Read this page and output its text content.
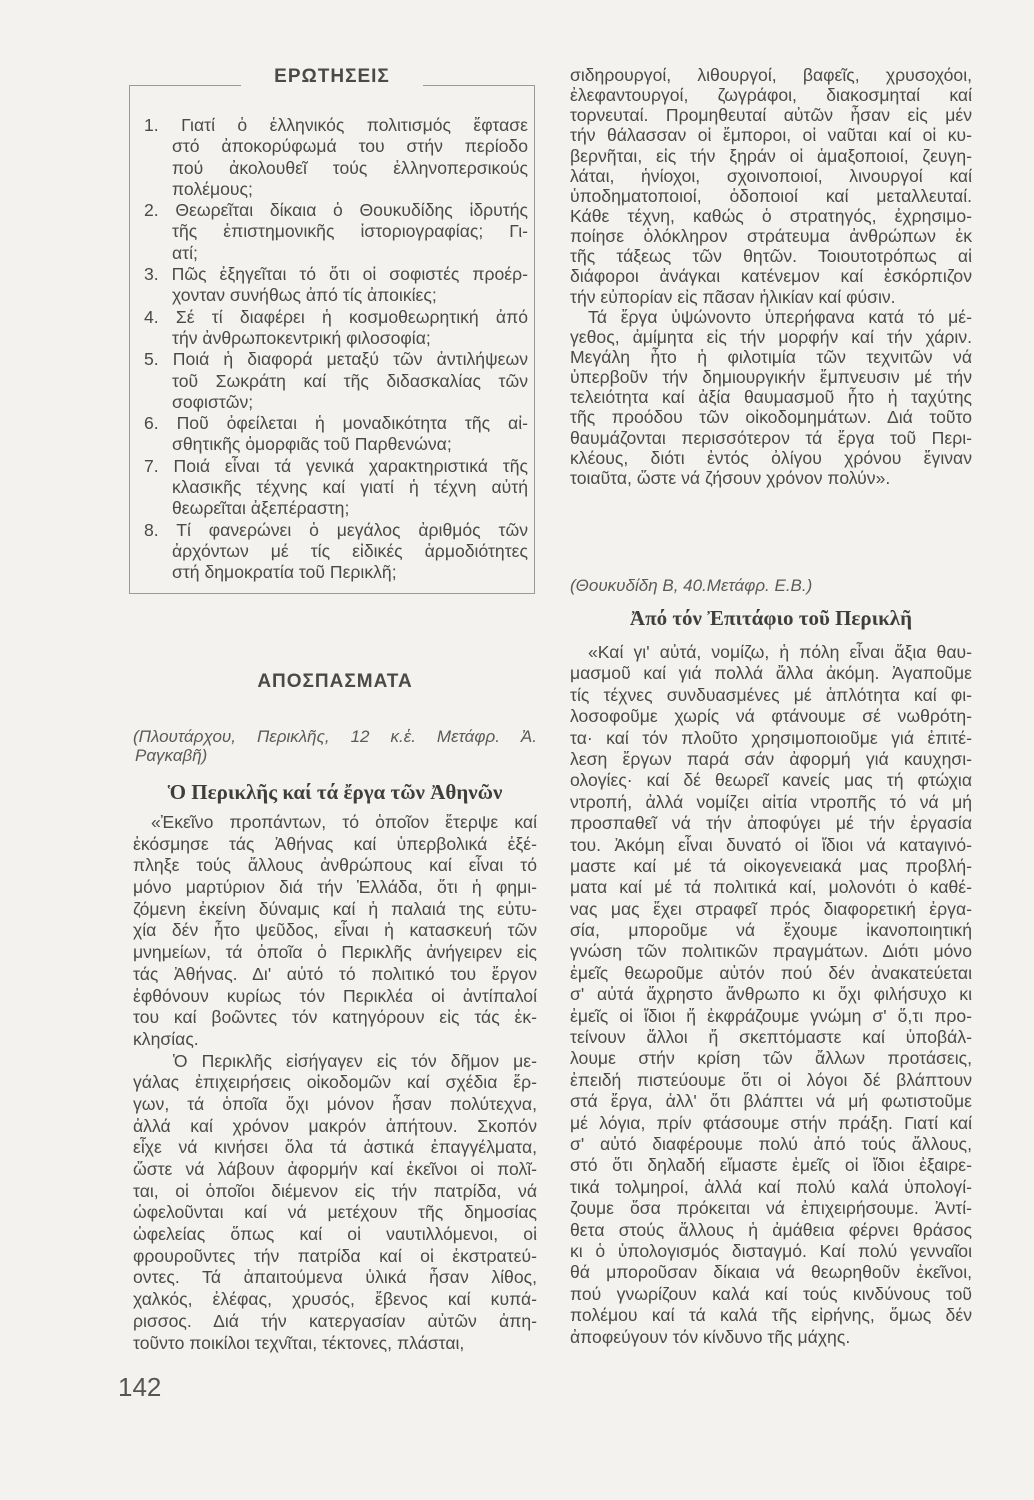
ΕΡΩΤΗΣΕΙΣ
1. Γιατί ὁ ἑλληνικός πολιτισμός ἔφτασε
στό ἀποκορύφωμά του στήν περίοδο
πού ἀκολουθεῖ τούς ἑλληνοπερσικούς
πολέμους;
2. Θεωρεῖται δίκαια ὁ Θουκυδίδης ἱδρυτής
τῆς ἐπιστημονικῆς ἱστοριογραφίας; Γι-
ατί;
3. Πῶς ἐξηγεῖται τό ὅτι οἱ σοφιστές προέρ-
χονταν συνήθως ἀπό τίς ἀποικίες;
4. Σέ τί διαφέρει ἡ κοσμοθεωρητική ἀπό
τήν ἀνθρωποκεντρική φιλοσοφία;
5. Ποιά ἡ διαφορά μεταξύ τῶν ἀντιλήψεων
τοῦ Σωκράτη καί τῆς διδασκαλίας τῶν
σοφιστῶν;
6. Ποῦ ὀφείλεται ἡ μοναδικότητα τῆς αἰ-
σθητικῆς ὀμορφιᾶς τοῦ Παρθενώνα;
7. Ποιά εἶναι τά γενικά χαρακτηριστικά τῆς
κλασικῆς τέχνης καί γιατί ἡ τέχνη αὐτή
θεωρεῖται ἀξεπέραστη;
8. Τί φανερώνει ὁ μεγάλος ἀριθμός τῶν
ἀρχόντων μέ τίς εἰδικές ἁρμοδιότητες
στή δημοκρατία τοῦ Περικλῆ;
ΑΠΟΣΠΑΣΜΑΤΑ
(Πλουτάρχου, Περικλῆς, 12 κ.ἑ. Μετάφρ. Ἀ.
Ραγκαβῆ)
Ὁ Περικλῆς καί τά ἔργα τῶν Ἀθηνῶν
«Ἐκεῖνο προπάντων, τό ὁποῖον ἔτερψε καί
ἐκόσμησε τάς Ἀθήνας καί ὑπερβολικά ἐξέ-
πληξε τούς ἄλλους ἀνθρώπους καί εἶναι τό
μόνο μαρτύριον διά τήν Ἑλλάδα, ὅτι ἡ φημι-
ζόμενη ἐκείνη δύναμις καί ἡ παλαιά της εὐτυ-
χία δέν ἦτο ψεῦδος, εἶναι ἡ κατασκευή τῶν
μνημείων, τά ὁποῖα ὁ Περικλῆς ἀνήγειρεν εἰς
τάς Ἀθήνας. Δι' αὐτό τό πολιτικό του ἔργον
ἐφθόνουν κυρίως τόν Περικλέα οἱ ἀντίπαλοί
του καί βοῶντες τόν κατηγόρουν εἰς τάς ἐκ-
κλησίας.
Ὁ Περικλῆς εἰσήγαγεν εἰς τόν δῆμον με-
γάλας ἐπιχειρήσεις οἰκοδομῶν καί σχέδια ἔρ-
γων, τά ὁποῖα ὄχι μόνον ἦσαν πολύτεχνα,
ἀλλά καί χρόνον μακρόν ἀπήτουν. Σκοπόν
εἶχε νά κινήσει ὅλα τά ἀστικά ἐπαγγέλματα,
ὥστε νά λάβουν ἀφορμήν καί ἐκεῖνοι οἱ πολῖ-
ται, οἱ ὁποῖοι διέμενον εἰς τήν πατρίδα, νά
ὠφελοῦνται καί νά μετέχουν τῆς δημοσίας
ὠφελείας ὅπως καί οἱ ναυτιλλόμενοι, οἱ
φρουροῦντες τήν πατρίδα καί οἱ ἐκστρατεύ-
οντες. Τά ἀπαιτούμενα ὑλικά ἦσαν λίθος,
χαλκός, ἐλέφας, χρυσός, ἔβενος καί κυπά-
ρισσος. Διά τήν κατεργασίαν αὐτῶν ἀπη-
τοῦντο ποικίλοι τεχνῖται, τέκτονες, πλάσται,
σιδηρουργοί, λιθουργοί, βαφεῖς, χρυσοχόοι,
ἐλεφαντουργοί, ζωγράφοι, διακοσμηταί καί
τορνευταί. Προμηθευταί αὐτῶν ἦσαν εἰς μέν
τήν θάλασσαν οἱ ἔμποροι, οἱ ναῦται καί οἱ κυ-
βερνῆται, εἰς τήν ξηράν οἱ ἁμαξοποιοί, ζευγη-
λάται, ἡνίοχοι, σχοινοποιοί, λινουργοί καί
ὑποδηματοποιοί, ὁδοποιοί καί μεταλλευταί.
Κάθε τέχνη, καθώς ὁ στρατηγός, ἐχρησιμο-
ποίησε ὁλόκληρον στράτευμα ἀνθρώπων ἐκ
τῆς τάξεως τῶν θητῶν. Τοιουτοτρόπως αἱ
διάφοροι ἀνάγκαι κατένεμον καί ἐσκόρπιζον
τήν εὐπορίαν εἰς πᾶσαν ἡλικίαν καί φύσιν.
Τά ἔργα ὑψώνοντο ὑπερήφανα κατά τό μέ-
γεθος, ἀμίμητα εἰς τήν μορφήν καί τήν χάριν.
Μεγάλη ἦτο ἡ φιλοτιμία τῶν τεχνιτῶν νά
ὑπερβοῦν τήν δημιουργικήν ἔμπνευσιν μέ τήν
τελειότητα καί ἀξία θαυμασμοῦ ἦτο ἡ ταχύτης
τῆς προόδου τῶν οἰκοδομημάτων. Διά τοῦτο
θαυμάζονται περισσότερον τά ἔργα τοῦ Περι-
κλέους, διότι ἐντός ὀλίγου χρόνου ἔγιναν
τοιαῦτα, ὥστε νά ζήσουν χρόνον πολύν».
(Θουκυδίδη Β, 40.Μετάφρ. Ε.Β.)
Ἀπό τόν Ἐπιτάφιο τοῦ Περικλῆ
«Καί γι' αὐτά, νομίζω, ἡ πόλη εἶναι ἄξια θαυ-
μασμοῦ καί γιά πολλά ἄλλα ἀκόμη. Ἀγαποῦμε
τίς τέχνες συνδυασμένες μέ ἁπλότητα καί φι-
λοσοφοῦμε χωρίς νά φτάνουμε σέ νωθρότη-
τα· καί τόν πλοῦτο χρησιμοποιοῦμε γιά ἐπιτέ-
λεση ἔργων παρά σάν ἀφορμή γιά καυχησι-
ολογίες· καί δέ θεωρεῖ κανείς μας τή φτώχια
ντροπή, ἀλλά νομίζει αἰτία ντροπῆς τό νά μή
προσπαθεῖ νά τήν ἀποφύγει μέ τήν ἐργασία
του. Ἀκόμη εἶναι δυνατό οἱ ἴδιοι νά καταγινό-
μαστε καί μέ τά οἰκογενειακά μας προβλή-
ματα καί μέ τά πολιτικά καί, μολονότι ὁ καθέ-
νας μας ἔχει στραφεῖ πρός διαφορετική ἐργα-
σία, μποροῦμε νά ἔχουμε ἱκανοποιητική
γνώση τῶν πολιτικῶν πραγμάτων. Διότι μόνο
ἐμεῖς θεωροῦμε αὐτόν πού δέν ἀνακατεύεται
σ' αὐτά ἄχρηστο ἄνθρωπο κι ὄχι φιλήσυχο κι
ἐμεῖς οἱ ἴδιοι ἤ ἐκφράζουμε γνώμη σ' ὅ,τι προ-
τείνουν ἄλλοι ἤ σκεπτόμαστε καί ὑποβάλ-
λουμε στήν κρίση τῶν ἄλλων προτάσεις,
ἐπειδή πιστεύουμε ὅτι οἱ λόγοι δέ βλάπτουν
στά ἔργα, ἀλλ' ὅτι βλάπτει νά μή φωτιστοῦμε
μέ λόγια, πρίν φτάσουμε στήν πράξη. Γιατί καί
σ' αὐτό διαφέρουμε πολύ ἀπό τούς ἄλλους,
στό ὅτι δηλαδή εἴμαστε ἐμεῖς οἱ ἴδιοι ἐξαιρε-
τικά τολμηροί, ἀλλά καί πολύ καλά ὑπολογί-
ζουμε ὅσα πρόκειται νά ἐπιχειρήσουμε. Ἀντί-
θετα στούς ἄλλους ἡ ἀμάθεια φέρνει θράσος
κι ὁ ὑπολογισμός δισταγμό. Καί πολύ γενναῖοι
θά μποροῦσαν δίκαια νά θεωρηθοῦν ἐκεῖνοι,
πού γνωρίζουν καλά καί τούς κινδύνους τοῦ
πολέμου καί τά καλά τῆς εἰρήνης, ὅμως δέν
ἀποφεύγουν τόν κίνδυνο τῆς μάχης.
142
